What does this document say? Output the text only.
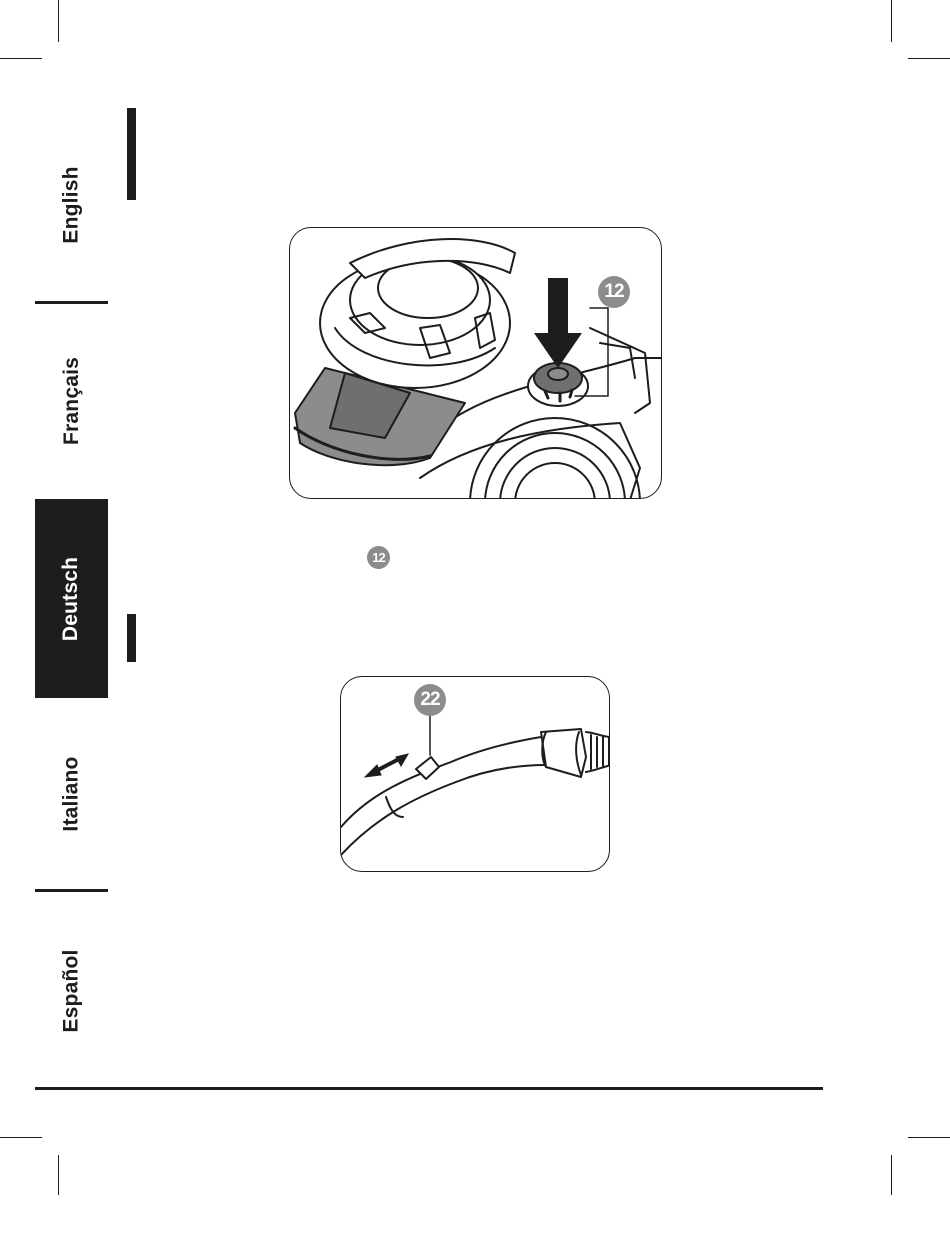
English
Français
Deutsch
Italiano
Español
12
12
22
